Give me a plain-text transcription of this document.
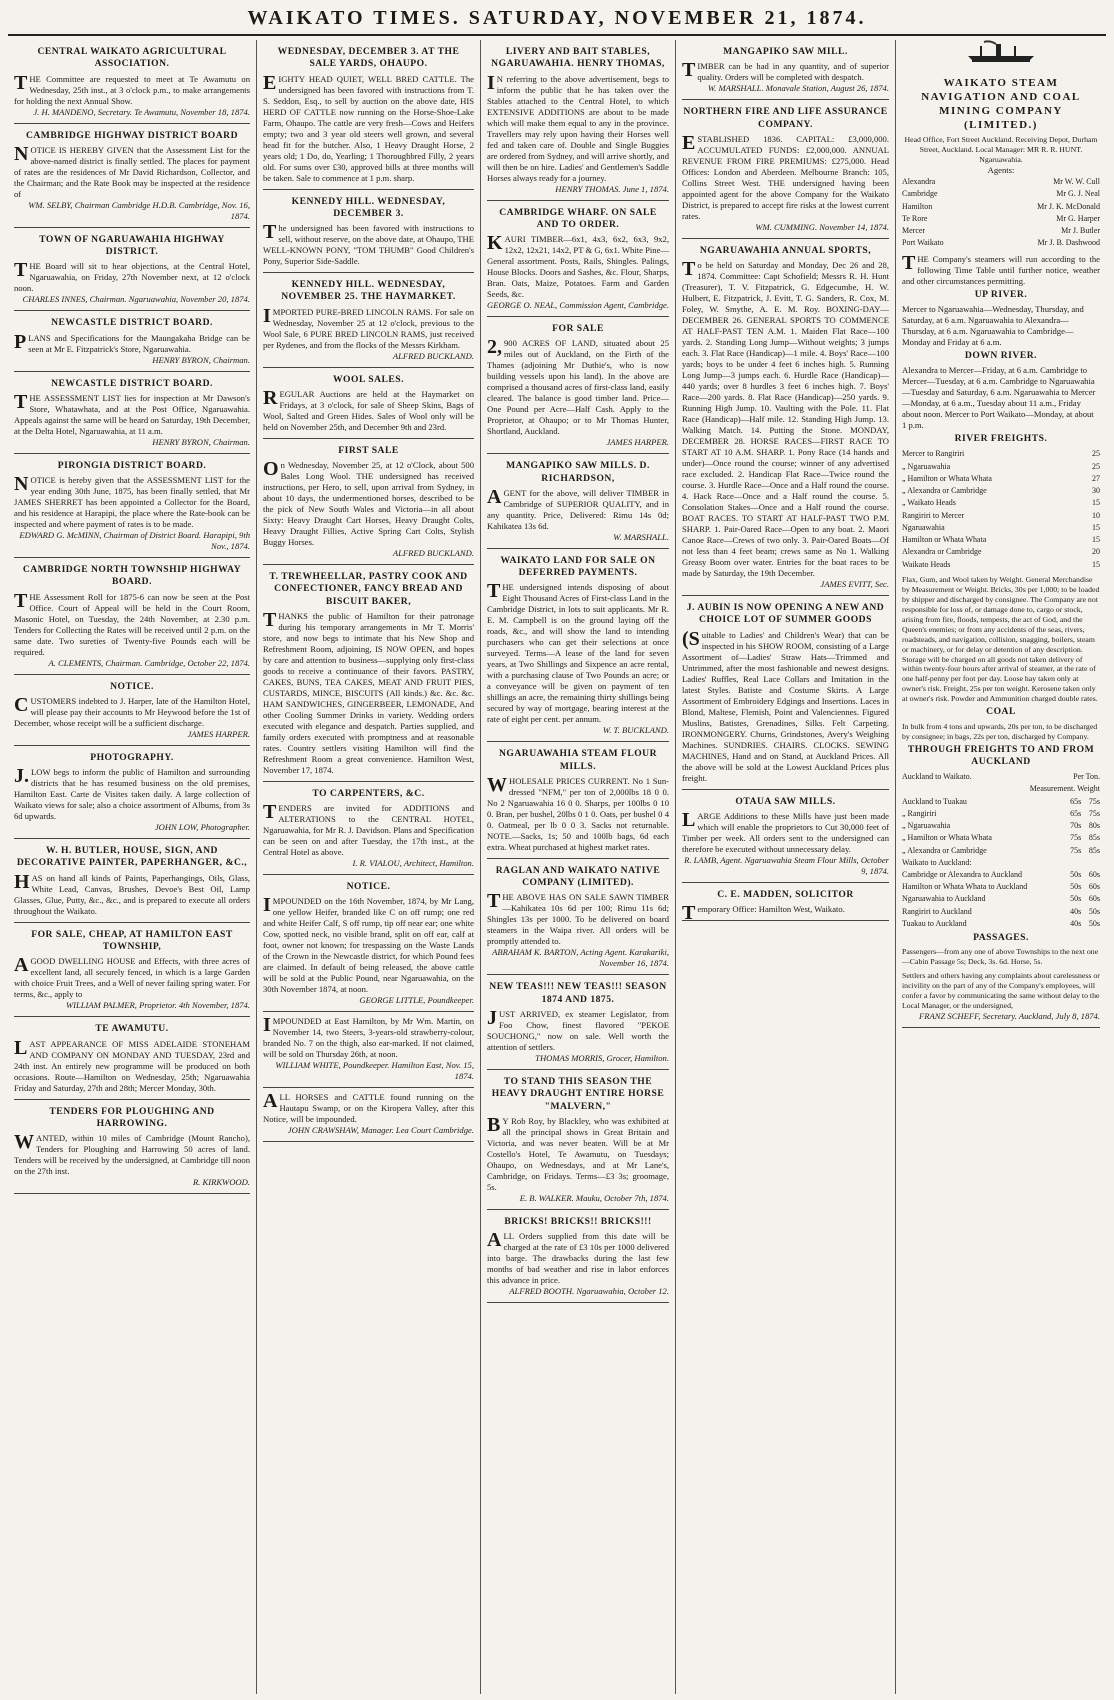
WAIKATO TIMES. SATURDAY, NOVEMBER 21, 1874.
CENTRAL WAIKATO AGRICULTURAL ASSOCIATION.
THE Committee are requested to meet at Te Awamutu on Wednesday, 25th inst., at 3 o'clock p.m., to make arrangements for holding the next Annual Show.
J. H. MANDENO, Secretary. Te Awamutu, November 18, 1874.
CAMBRIDGE HIGHWAY DISTRICT BOARD
NOTICE IS HEREBY GIVEN that the Assessment List for the above-named district is finally settled. The places for payment of rates are the residences of Mr David Richardson, Collector, and the Chairman; and the Rate Book may be inspected at the residence of
WM. SELBY, Chairman Cambridge H.D.B. Cambridge, Nov. 16, 1874.
TOWN OF NGARUAWAHIA HIGHWAY DISTRICT.
THE Board will sit to hear objections, at the Central Hotel, Ngaruawahia, on Friday, 27th November next, at 12 o'clock noon.
CHARLES INNES, Chairman. Ngaruawahia, November 20, 1874.
NEWCASTLE DISTRICT BOARD.
PLANS and Specifications for the Maungakaha Bridge can be seen at Mr E. Fitzpatrick's Store, Ngaruawahia.
HENRY BYRON, Chairman.
NEWCASTLE DISTRICT BOARD.
THE ASSESSMENT LIST lies for inspection at Mr Dawson's Store, Whatawhata, and at the Post Office, Ngaruawahia. Appeals against the same will be heard on Saturday, 19th December, at the Delta Hotel, Ngaruawahia, at 11 a.m.
HENRY BYRON, Chairman.
PIRONGIA DISTRICT BOARD.
NOTICE is hereby given that the ASSESSMENT LIST for the year ending 30th June, 1875, has been finally settled, that Mr JAMES SHERRET has been appointed a Collector for the Board, and his residence at Harapipi, the place where the Rate-book can be inspected and where payment of rates is to be made.
EDWARD G. McMINN, Chairman of District Board. Harapipi, 9th Nov., 1874.
CAMBRIDGE NORTH TOWNSHIP HIGHWAY BOARD.
THE Assessment Roll for 1875-6 can now be seen at the Post Office. Court of Appeal will be held in the Court Room, Masonic Hotel, on Tuesday, the 24th November, at 2.30 p.m. Tenders for Collecting the Rates will be received until 2 p.m. on the same date. Two sureties of Twenty-five Pounds each will be required.
A. CLEMENTS, Chairman. Cambridge, October 22, 1874.
NOTICE.
CUSTOMERS indebted to J. Harper, late of the Hamilton Hotel, will please pay their accounts to Mr Heywood before the 1st of December, whose receipt will be a sufficient discharge.
JAMES HARPER.
PHOTOGRAPHY.
J.LOW begs to inform the public of Hamilton and surrounding districts that he has resumed business on the old premises, Hamilton East. Carte de Visites taken daily. A large collection of Waikato views for sale; also a choice assortment of Albums, from 3s 6d upwards.
JOHN LOW, Photographer.
W. H. BUTLER, HOUSE, SIGN, AND DECORATIVE PAINTER, PAPERHANGER, &C.,
HAS on hand all kinds of Paints, Paperhangings, Oils, Glass, White Lead, Canvas, Brushes, Devoe's Best Oil, Lamp Glasses, Glue, Putty, &c., &c., and is prepared to execute all orders throughout the Waikato.
FOR SALE, CHEAP, AT HAMILTON EAST TOWNSHIP,
AGOOD DWELLING HOUSE and Effects, with three acres of excellent land, all securely fenced, in which is a large Garden with choice Fruit Trees, and a Well of never failing spring water. For terms, &c., apply to
WILLIAM PALMER, Proprietor. 4th November, 1874.
TE AWAMUTU.
LAST APPEARANCE OF MISS ADELAIDE STONEHAM AND COMPANY ON MONDAY AND TUESDAY, 23rd and 24th inst. An entirely new programme will be produced on both occasions. Route—Hamilton on Wednesday, 25th; Ngaruawahia Friday and Saturday, 27th and 28th; Mercer Monday, 30th.
TENDERS FOR PLOUGHING AND HARROWING.
WANTED, within 10 miles of Cambridge (Mount Rancho), Tenders for Ploughing and Harrowing 50 acres of land. Tenders will be received by the undersigned, at Cambridge till noon on the 27th inst.
R. KIRKWOOD.
WEDNESDAY, DECEMBER 3. AT THE SALE YARDS, OHAUPO.
EIGHTY HEAD QUIET, WELL BRED CATTLE. The undersigned has been favored with instructions from T. S. Seddon, Esq., to sell by auction on the above date, HIS HERD OF CATTLE now running on the Horse-Shoe-Lake Farm, Ohaupo. The cattle are very fresh—Cows and Heifers empty; two and 3 year old steers well grown, and several head fit for the butcher. Also, 1 Heavy Draught Horse, 2 years old; 1 Do, do, Yearling; 1 Thoroughbred Filly, 2 years old. For sums over £30, approved bills at three months will be taken. Sale to commence at 1 p.m. sharp.
KENNEDY HILL. WEDNESDAY, DECEMBER 3.
The undersigned has been favored with instructions to sell, without reserve, on the above date, at Ohaupo, THE WELL-KNOWN PONY, "TOM THUMB" Good Children's Pony, Superior Side-Saddle.
KENNEDY HILL. WEDNESDAY, NOVEMBER 25. THE HAYMARKET.
IMPORTED PURE-BRED LINCOLN RAMS. For sale on Wednesday, November 25 at 12 o'clock, previous to the Wool Sale, 6 PURE BRED LINCOLN RAMS, just received per Rydenes, and from the flocks of the Messrs Kirkham.
ALFRED BUCKLAND.
WOOL SALES.
REGULAR Auctions are held at the Haymarket on Fridays, at 3 o'clock, for sale of Sheep Skins, Bags of Wool, Salted and Green Hides. Sales of Wool only will be held on November 25th, and December 9th and 23rd.
FIRST SALE
On Wednesday, November 25, at 12 o'Clock, about 500 Bales Long Wool. THE undersigned has received instructions, per Hero, to sell, upon arrival from Sydney, in about 10 days, the undermentioned horses, described to be the pick of New South Wales and Victoria—in all about Sixty: Heavy Draught Cart Horses, Heavy Draught Colts, Heavy Draught Fillies, Active Spring Cart Colts, Stylish Buggy Horses.
ALFRED BUCKLAND.
T. TREWHEELLAR, PASTRY COOK AND CONFECTIONER, FANCY BREAD AND BISCUIT BAKER,
THANKS the public of Hamilton for their patronage during his temporary arrangements in Mr T. Morris' store, and now begs to intimate that his New Shop and Refreshment Room, adjoining, IS NOW OPEN, and hopes by care and attention to business—supplying only first-class goods to receive a continuance of their favors. PASTRY, CAKES, BUNS, TEA CAKES, MEAT AND FRUIT PIES, CUSTARDS, MINCE, BISCUITS (All kinds.) &c. &c. &c. HAM SANDWICHES, GINGERBEER, LEMONADE, And other Cooling Summer Drinks in variety. Wedding orders executed with elegance and despatch. Parties supplied, and family orders executed with promptness and at reasonable rates. Country settlers visiting Hamilton will find the Refreshment Room a great convenience. Hamilton West, November 17, 1874.
TO CARPENTERS, &C.
TENDERS are invited for ADDITIONS and ALTERATIONS to the CENTRAL HOTEL, Ngaruawahia, for Mr R. J. Davidson. Plans and Specification can be seen on and after Tuesday, the 17th inst., at the Central Hotel as above.
I. R. VIALOU, Architect, Hamilton.
NOTICE.
IMPOUNDED on the 16th November, 1874, by Mr Lang, one yellow Heifer, branded like C on off rump; one red and white Heifer Calf, S off rump, tip off near ear; one white Cow, spotted neck, no visible brand, split on off ear, calf at foot, owner not known; for trespassing on the Waste Lands of the Crown in the Newcastle district, for which Pound fees are claimed. In default of being released, the above cattle will be sold at the Public Pound, near Ngaruawahia, on the 30th November 1874, at noon.
GEORGE LITTLE, Poundkeeper.
IMPOUNDED at East Hamilton, by Mr Wm. Martin, on November 14, two Steers, 3-years-old strawberry-colour, branded No. 7 on the thigh, also ear-marked. If not claimed, will be sold on Thursday 26th, at noon.
WILLIAM WHITE, Poundkeeper. Hamilton East, Nov. 15, 1874.
ALL HORSES and CATTLE found running on the Hautapu Swamp, or on the Kiropera Valley, after this Notice, will be impounded.
JOHN CRAWSHAW, Manager. Lea Court Cambridge.
LIVERY AND BAIT STABLES, NGARUAWAHIA. HENRY THOMAS,
IN referring to the above advertisement, begs to inform the public that he has taken over the Stables attached to the Central Hotel, to which EXTENSIVE ADDITIONS are about to be made which will make them equal to any in the province. Travellers may rely upon having their Horses well fed and taken care of. Double and Single Buggies are ordered from Sydney, and will arrive shortly, and will then be on hire. Ladies' and Gentlemen's Saddle Horses always ready for a journey.
HENRY THOMAS. June 1, 1874.
CAMBRIDGE WHARF. ON SALE AND TO ORDER.
KAURI TIMBER—6x1, 4x3, 6x2, 6x3, 9x2, 12x2, 12x21, 14x2, PT & G, 6x1. White Pine—General assortment. Posts, Rails, Shingles. Palings, House Blocks. Doors and Sashes, &c. Flour, Sharps, Bran. Oats, Maize, Potatoes. Farm and Garden Seeds, &c.
GEORGE O. NEAL, Commission Agent, Cambridge.
FOR SALE
2,900 ACRES OF LAND, situated about 25 miles out of Auckland, on the Firth of the Thames (adjoining Mr Duthie's, who is now building vessels upon his land). In the above are comprised a thousand acres of first-class land, easily cleared. The balance is good timber land. Price—One Pound per Acre—Half Cash. Apply to the Proprietor, at Ohaupo; or to Mr Thomas Hunter, Shortland, Auckland.
JAMES HARPER.
MANGAPIKO SAW MILLS. D. RICHARDSON,
AGENT for the above, will deliver TIMBER in Cambridge of SUPERIOR QUALITY, and in any quantity. Price, Delivered: Rimu 14s 0d; Kahikatea 13s 6d.
W. MARSHALL.
WAIKATO LAND FOR SALE ON DEFERRED PAYMENTS.
THE undersigned intends disposing of about Eight Thousand Acres of First-class Land in the Cambridge District, in lots to suit applicants. Mr R. E. M. Campbell is on the ground laying off the roads, &c., and will show the land to intending purchasers who can get their selections at once surveyed. Terms—A lease of the land for seven years, at Two Shillings and Sixpence an acre rental, with a purchasing clause of Two Pounds an acre; or a conveyance will be given on payment of ten shillings an acre, the remaining thirty shillings being secured by way of mortgage, bearing interest at the rate of eight per cent. per annum.
W. T. BUCKLAND.
NGARUAWAHIA STEAM FLOUR MILLS.
WHOLESALE PRICES CURRENT. No 1 Sun-dressed "NFM," per ton of 2,000lbs 18 0 0. No 2 Ngaruawahia 16 0 0. Sharps, per 100lbs 0 10 0. Bran, per bushel, 20lbs 0 1 0. Oats, per bushel 0 4 0. Oatmeal, per lb 0 0 3. Sacks not returnable. NOTE.—Sacks, 1s; 50 and 100lb bags, 6d each extra. Wheat purchased at highest market rates.
RAGLAN AND WAIKATO NATIVE COMPANY (LIMITED).
THE ABOVE HAS ON SALE SAWN TIMBER—Kahikatea 10s 6d per 100; Rimu 11s 6d; Shingles 13s per 1000. To be delivered on board steamers in the Waipa river. All orders will be promptly attended to.
ABRAHAM K. BARTON, Acting Agent. Karakariki, November 16, 1874.
NEW TEAS!!! NEW TEAS!!! SEASON 1874 AND 1875.
JUST ARRIVED, ex steamer Legislator, from Foo Chow, finest flavored "PEKOE SOUCHONG," now on sale. Well worth the attention of settlers.
THOMAS MORRIS, Grocer, Hamilton.
TO STAND THIS SEASON THE HEAVY DRAUGHT ENTIRE HORSE "MALVERN,"
BY Rob Roy, by Blackley, who was exhibited at all the principal shows in Great Britain and Victoria, and was never beaten. Will be at Mr Costello's Hotel, Te Awamutu, on Tuesdays; Ohaupo, on Wednesdays, and at Mr Lane's, Cambridge, on Fridays. Terms—£3 3s; groomage, 5s.
E. B. WALKER. Mauku, October 7th, 1874.
BRICKS! BRICKS!! BRICKS!!!
ALL Orders supplied from this date will be charged at the rate of £3 10s per 1000 delivered into barge. The drawbacks during the last few months of bad weather and rise in labor enforces this advance in price.
ALFRED BOOTH. Ngaruawahia, October 12.
MANGAPIKO SAW MILL.
TIMBER can be had in any quantity, and of superior quality. Orders will be completed with despatch.
W. MARSHALL. Monavale Station, August 26, 1874.
NORTHERN FIRE AND LIFE ASSURANCE COMPANY.
ESTABLISHED 1836. CAPITAL: £3,000,000. ACCUMULATED FUNDS: £2,000,000. ANNUAL REVENUE FROM FIRE PREMIUMS: £275,000. Head Offices: London and Aberdeen. Melbourne Branch: 105, Collins Street West. THE undersigned having been appointed agent for the above Company for the Waikato District, is prepared to accept fire risks at the lowest current rates.
WM. CUMMING. November 14, 1874.
NGARUAWAHIA ANNUAL SPORTS,
To be held on Saturday and Monday, Dec 26 and 28, 1874. Committee: Capt Schofield; Messrs R. H. Hunt (Treasurer), T. V. Fitzpatrick, G. Edgecumbe, H. W. Hulbert, E. Fitzpatrick, J. Evitt, T. G. Sanders, R. Cox, M. Foley, W. Smythe, A. E. M. Roy. BOXING-DAY—DECEMBER 26. GENERAL SPORTS TO COMMENCE AT HALF-PAST TEN A.M. 1. Maiden Flat Race—100 yards. 2. Standing Long Jump—Without weights; 3 jumps each. 3. Flat Race (Handicap)—1 mile. 4. Boys' Race—100 yards; boys to be under 4 feet 6 inches high. 5. Running Long Jump—3 jumps each. 6. Hurdle Race (Handicap)—440 yards; over 8 hurdles 3 feet 6 inches high. 7. Boys' Race—200 yards. 8. Flat Race (Handicap)—250 yards. 9. Running High Jump. 10. Vaulting with the Pole. 11. Flat Race (Handicap)—Half mile. 12. Standing High Jump. 13. Walking Match. 14. Putting the Stone. MONDAY, DECEMBER 28. HORSE RACES—FIRST RACE TO START AT 10 A.M. SHARP. 1. Pony Race (14 hands and under)—Once round the course; winner of any advertised race excluded. 2. Handicap Flat Race—Twice round the course. 3. Hurdle Race—Once and a Half round the course. 4. Hack Race—Once and a Half round the course. 5. Consolation Stakes—Once and a Half round the course. BOAT RACES. TO START AT HALF-PAST TWO P.M. SHARP. 1. Pair-Oared Race—Open to any boat. 2. Maori Canoe Race—Crews of two only. 3. Pair-Oared Boats—Of not less than 4 feet beam; crews same as No 1. Walking Greasy Boom over water. Entries for the boat races to be made by Saturday, the 19th December.
JAMES EVITT, Sec.
J. AUBIN IS NOW OPENING A NEW AND CHOICE LOT OF SUMMER GOODS
(Suitable to Ladies' and Children's Wear) that can be inspected in his SHOW ROOM, consisting of a Large Assortment of—Ladies' Straw Hats—Trimmed and Untrimmed, after the most fashionable and newest designs. Ladies' Ruffles, Real Lace Collars and Imitation in the latest Styles. Batiste and Costume Skirts. A Large Assortment of Embroidery Edgings and Insertions. Laces in Blond, Maltese, Flemish, Point and Valenciennes. Figured Muslins, Batistes, Grenadines, Silks. Felt Carpeting. IRONMONGERY. Churns, Grindstones, Avery's Weighing Machines. SUNDRIES. CHAIRS. CLOCKS. SEWING MACHINES, Hand and on Stand, at Auckland Prices. All the above will be sold at the Lowest Auckland Prices plus freight.
OTAUA SAW MILLS.
LARGE Additions to these Mills have just been made which will enable the proprietors to Cut 30,000 feet of Timber per week. All orders sent to the undersigned can therefore be executed without unnecessary delay.
R. LAMB, Agent. Ngaruawahia Steam Flour Mills, October 9, 1874.
C. E. MADDEN, SOLICITOR
Temporary Office: Hamilton West, Waikato.
WAIKATO STEAM NAVIGATION AND COAL MINING COMPANY (LIMITED.)
Head Office, Fort Street Auckland. Receiving Depot, Durham Street, Auckland. Local Manager: MR R. R. HUNT. Ngaruawahia.
Agents:
Alexandra	Mr W. W. Cull
Cambridge	Mr G. J. Neal
Hamilton	Mr J. K. McDonald
Te Rore	Mr G. Harper
Mercer	Mr J. Butler
Port Waikato	Mr J. B. Dashwood
THE Company's steamers will run according to the following Time Table until further notice, weather and other circumstances permitting.
UP RIVER.
Mercer to Ngaruawahia—Wednesday, Thursday, and Saturday, at 6 a.m. Ngaruawahia to Alexandra—Thursday, at 6 a.m. Ngaruawahia to Cambridge—Monday and Friday at 6 a.m.
DOWN RIVER.
Alexandra to Mercer—Friday, at 6 a.m. Cambridge to Mercer—Tuesday, at 6 a.m. Cambridge to Ngaruawahia—Tuesday and Saturday, 6 a.m. Ngaruawahia to Mercer—Monday, at 6 a.m., Tuesday about 11 a.m., Friday about noon. Mercer to Port Waikato—Monday, at about 1 p.m.
RIVER FREIGHTS.
Mercer to Rangiriri	25
„ Ngaruawahia	25
„ Hamilton or Whata Whata	27
„ Alexandra or Cambridge	30
„ Waikato Heads	15
Rangiriri to Mercer	10
Ngaruawahia	15
Hamilton or Whata Whata	15
Alexandra or Cambridge	20
Waikato Heads	15
Flax, Gum, and Wool taken by Weight. General Merchandise by Measurement or Weight. Bricks, 30s per 1,000; to be loaded by shipper and discharged by consignee. The Company are not responsible for loss of, or damage done to, cargo or stock, arising from fire, floods, tempests, the act of God, and the Queen's enemies; or from any accidents of the seas, rivers, roadsteads, and navigation, collision, snagging, boilers, steam or machinery, or for delay or detention of any description. Storage will be charged on all goods not taken delivery of within twenty-four hours after arrival of steamer, at the rate of one half-penny per foot per day. Loose hay taken only at owner's risk. Freight, 25s per ton weight. Kerosene taken only at owner's risk. Powder and Ammunition charged double rates.
COAL
In bulk from 4 tons and upwards, 20s per ton, to be discharged by consignee; in bags, 22s per ton, discharged by Company.
THROUGH FREIGHTS TO AND FROM AUCKLAND
Auckland to Waikato.	Per Ton.
	Measurement. Weight
Auckland to Tuakau	65s	75s
„ Rangiriri	65s	75s
„ Ngaruawahia	70s	80s
„ Hamilton or Whata Whata	75s	85s
„ Alexandra or Cambridge	75s	85s
Waikato to Auckland:		
Cambridge or Alexandra to Auckland	50s	60s
Hamilton or Whata Whata to Auckland	50s	60s
Ngaruawahia to Auckland	50s	60s
Rangiriri to Auckland	40s	50s
Tuakau to Auckland	40s	50s
PASSAGES.
Passengers—from any one of above Townships to the next one—Cabin Passage 5s; Deck, 3s. 6d. Horse, 5s.
Settlers and others having any complaints about carelessness or incivility on the part of any of the Company's employees, will confer a favor by communicating the same without delay to the Local Manager, or the undersigned,
FRANZ SCHEFF, Secretary. Auckland, July 8, 1874.
